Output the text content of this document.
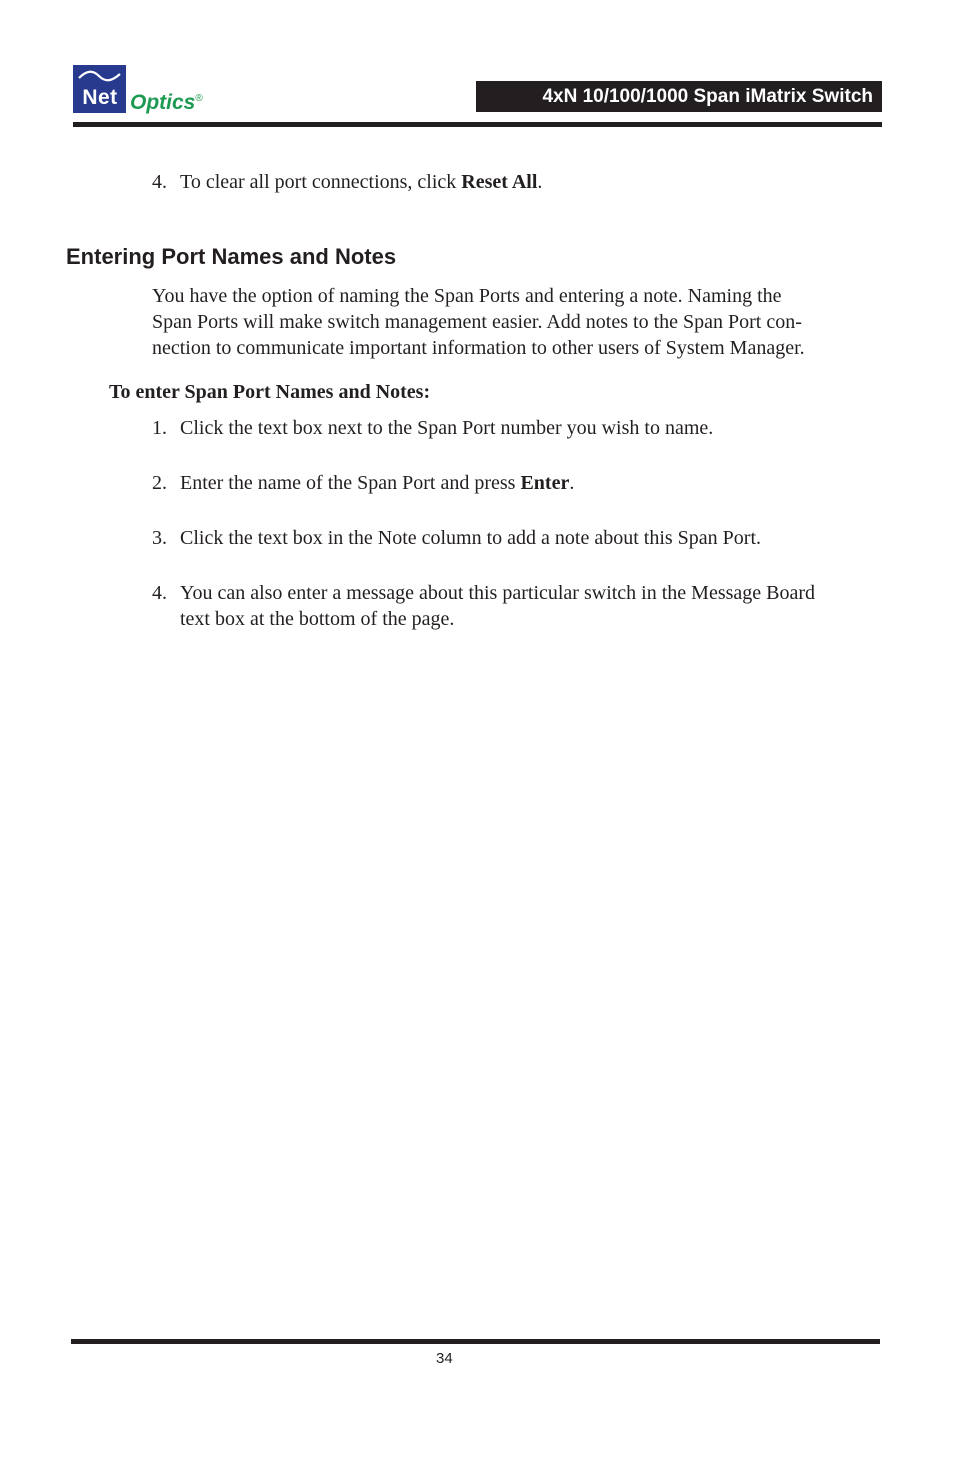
Net Optics®	4xN 10/100/1000 Span iMatrix Switch
4. To clear all port connections, click Reset All.
Entering Port Names and Notes
You have the option of naming the Span Ports and entering a note. Naming the
Span Ports will make switch management easier. Add notes to the Span Port con-
nection to communicate important information to other users of System Manager.
To enter Span Port Names and Notes:
1. Click the text box next to the Span Port number you wish to name.
2. Enter the name of the Span Port and press Enter.
3. Click the text box in the Note column to add a note about this Span Port.
4. You can also enter a message about this particular switch in the Message Board
text box at the bottom of the page.
34
